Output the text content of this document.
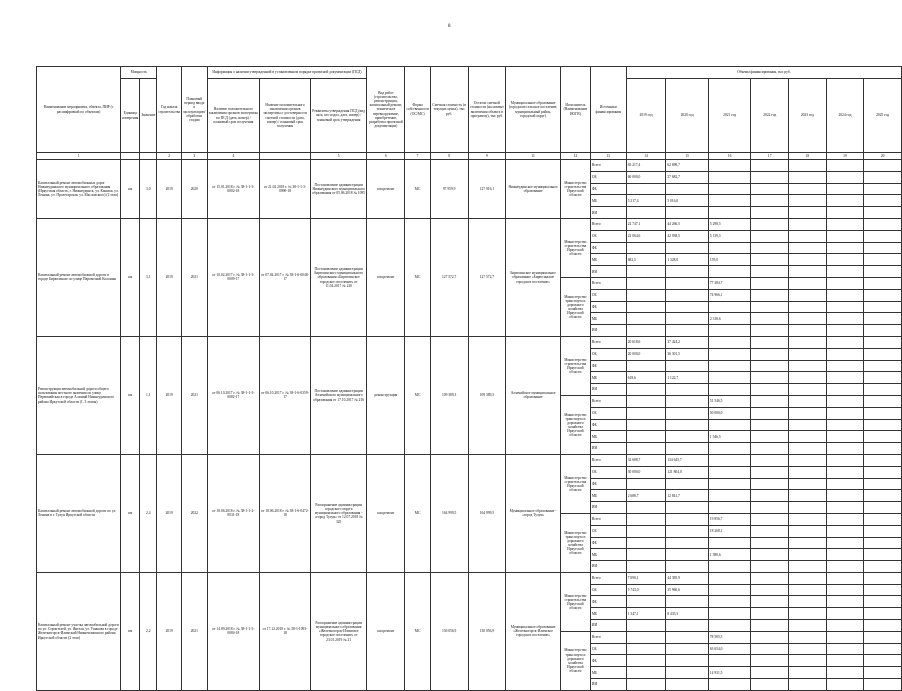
8
Наименование мероприятия, объекта, ПИР (с расшифровкой по объектам)	Мощность		Год начала строительства	Плановый период ввода в эксплуатацию/обработки стадии	Информация о наличии утвержденной в установленном порядке проектной документации (ПСД)			Вид работ (строительство, реконструкция, капитальный ремонт, техническое перевооружение, приобретение, разработка проектной документации)	Форма собственности (ОС/МС)	Сметная стоимость (в текущих ценах), тыс руб.	Остаток сметной стоимости (на момент включения объекта в программу), тыс руб.	Муниципальное образование (городское/сельское поселение, муниципальный район, городской округ)	Исполнитель (Наименование ИОГВ)	Источники финансирования	Объемы финансирования, тыс руб.						
	Единица измерения	Значение			Наличие положительного заключения органов экспертизы по ПСД (дата, номер) / плановый срок получения	Наличие положительного заключения органов экспертизы о достоверности сметной стоимости (дата, номер) / плановый срок получения	Реквизиты утверждения ПСД (вид акта, кто издал, дата, номер) / плановый срок утверждения								2019 год	2020 год	2021 год	2022 год	2023 год	2024 год	2025 год
1			2	3	4		5	6	7	8	9	11	12	13	14	15	16	17	18	19	20
Капитальный ремонт автомобильных дорог Нижнеудинского муниципального образования (Иркутская область, г. Нижнеудинск, ул. Кашика, ул. Ленина, ул. Пролетарская, ул. Масловского) (2 этап)	км	3,0	2019	2020	от 15.01.2018 г. № 38-1-1-3-0002-18	от 21.02.2018 г. № 38-1-1-3-0090-18	Постановление администрации Нижнеудинского муниципального образования от 05.06.2018 № 1095	кап.ремонт	МС	97 959,9	127 916,1	Нижнеудинское муниципальное образование	Министерство строительства Иркутской области	Всего	65 217,4	62 698,7					
														ОБ	60 000,0	57 682,7					
														ФБ							
														МБ	5 217,4	5 016,0					
														ИИ							
Капитальный ремонт автомобильной дороги в городе Бирюсинске по улице Паровозной Колонны	км	3,1	2019	2021	от 10.02.2017 г. № 38-1-1-3-0009-17	от 07.04.2017 г. № 38-1-6-0048-17	Постановление администрации Бирюсинского муниципального образования «Бирюсинское городское поселение» от 11.04.2017 № 220	кап.ремонт	МС	127 572,7	127 572,7	Бирюсинское муниципальное образование «Бирюсинское городское поселение»	Министерство строительства Иркутской области	Всего	22 747,1	44 266,5	5 298,5				
														ОБ	22 064,6	42 938,5	5 139,5				
														ФБ							
														МБ	682,5	1 328,0	159,0				
														ИИ							
													Министерство транспорта и дорожного хозяйства Иркутской области	Всего			77 284,7				
														ОБ			74 966,1				
														ФБ							
														МБ			2 318,6				
														ИИ							
Реконструкция автомобильной дороги общего пользования местного значения по улице Первомайская в городе Алзамай Нижнеудинского района Иркутской области (1, 3 этапы)	км	1,1	2019	2021	от 06.10.2017 г. № 38-1-1-3-0082-17	от 06.10.2017 г. № 38-1-6-0359-17	Постановление администрации Алзамайского муниципального образования от 17.10.2017 № 216	реконструкция	МС	109 389,3	109 389,3	Алзамайское муниципальное образование	Министерство строительства Иркутской области	Всего	20 618,6	37 424,2					
														ОБ	20 000,0	36 301,5					
														ФБ							
														МБ	618,6	1 122,7					
														ИИ							
													Министерство транспорта и дорожного хозяйства Иркутской области	Всего			51 546,5				
														ОБ			50 000,0				
														ФБ							
														МБ			1 546,5				
														ИИ							
Капитальный ремонт автомобильной дороги по ул. Ленина в г. Тулун Иркутской области	км	2,4	2019	2022	от 18.06.2018 г. № 38-1-1-2-0031-18	от 18.06.2018 г. № 38-1-6-0472-18	Распоряжение администрации городского округа муниципального образования - «город Тулун» от 12.07.2018 № 325	кап.ремонт	МС	164 999,5	164 999,5	Муниципальное образование - «город Тулун»	Министерство строительства Иркутской области	Всего	32 688,7	134 645,7					
														ОБ	30 000,0	121 804,0					
														ФБ							
														МБ	2 688,7	12 841,7					
														ИИ							
													Министерство транспорта и дорожного хозяйства Иркутской области	Всего			19 856,7				
														ОБ			18 268,1				
														ФБ							
														МБ			1 588,6				
														ИИ							
Капитальный ремонт участка автомобильной дороги по ул. Строителей, ул. Янгеля, ул. Ушакова в городе Железногорск-Илимский Нижнеилимского района Иркутской области (2 этап)	км	2,2	2019	2021	от 14.09.2018 г. № 38-1-1-3-0084-18	от 17.12.2018 г. № 38-1-1093-18	Распоряжение администрации муниципального образования «Железногорск-Илимское городское поселение» от 23.01.2019 № 21	кап.ремонт	МС	130 056,9	130 056,9	Муниципальное образование «Железногорск-Илимское городское поселение»	Министерство строительства Иркутской области	Всего	7 090,1	44 395,9					
														ОБ	5 743,0	35 960,6					
														ФБ							
														МБ	1 347,1	8 435,3					
														ИИ							
													Министерство транспорта и дорожного хозяйства Иркутской области	Всего			78 585,5				
														ОБ			63 654,0				
														ФБ							
														МБ			14 931,5				
														ИИ							
